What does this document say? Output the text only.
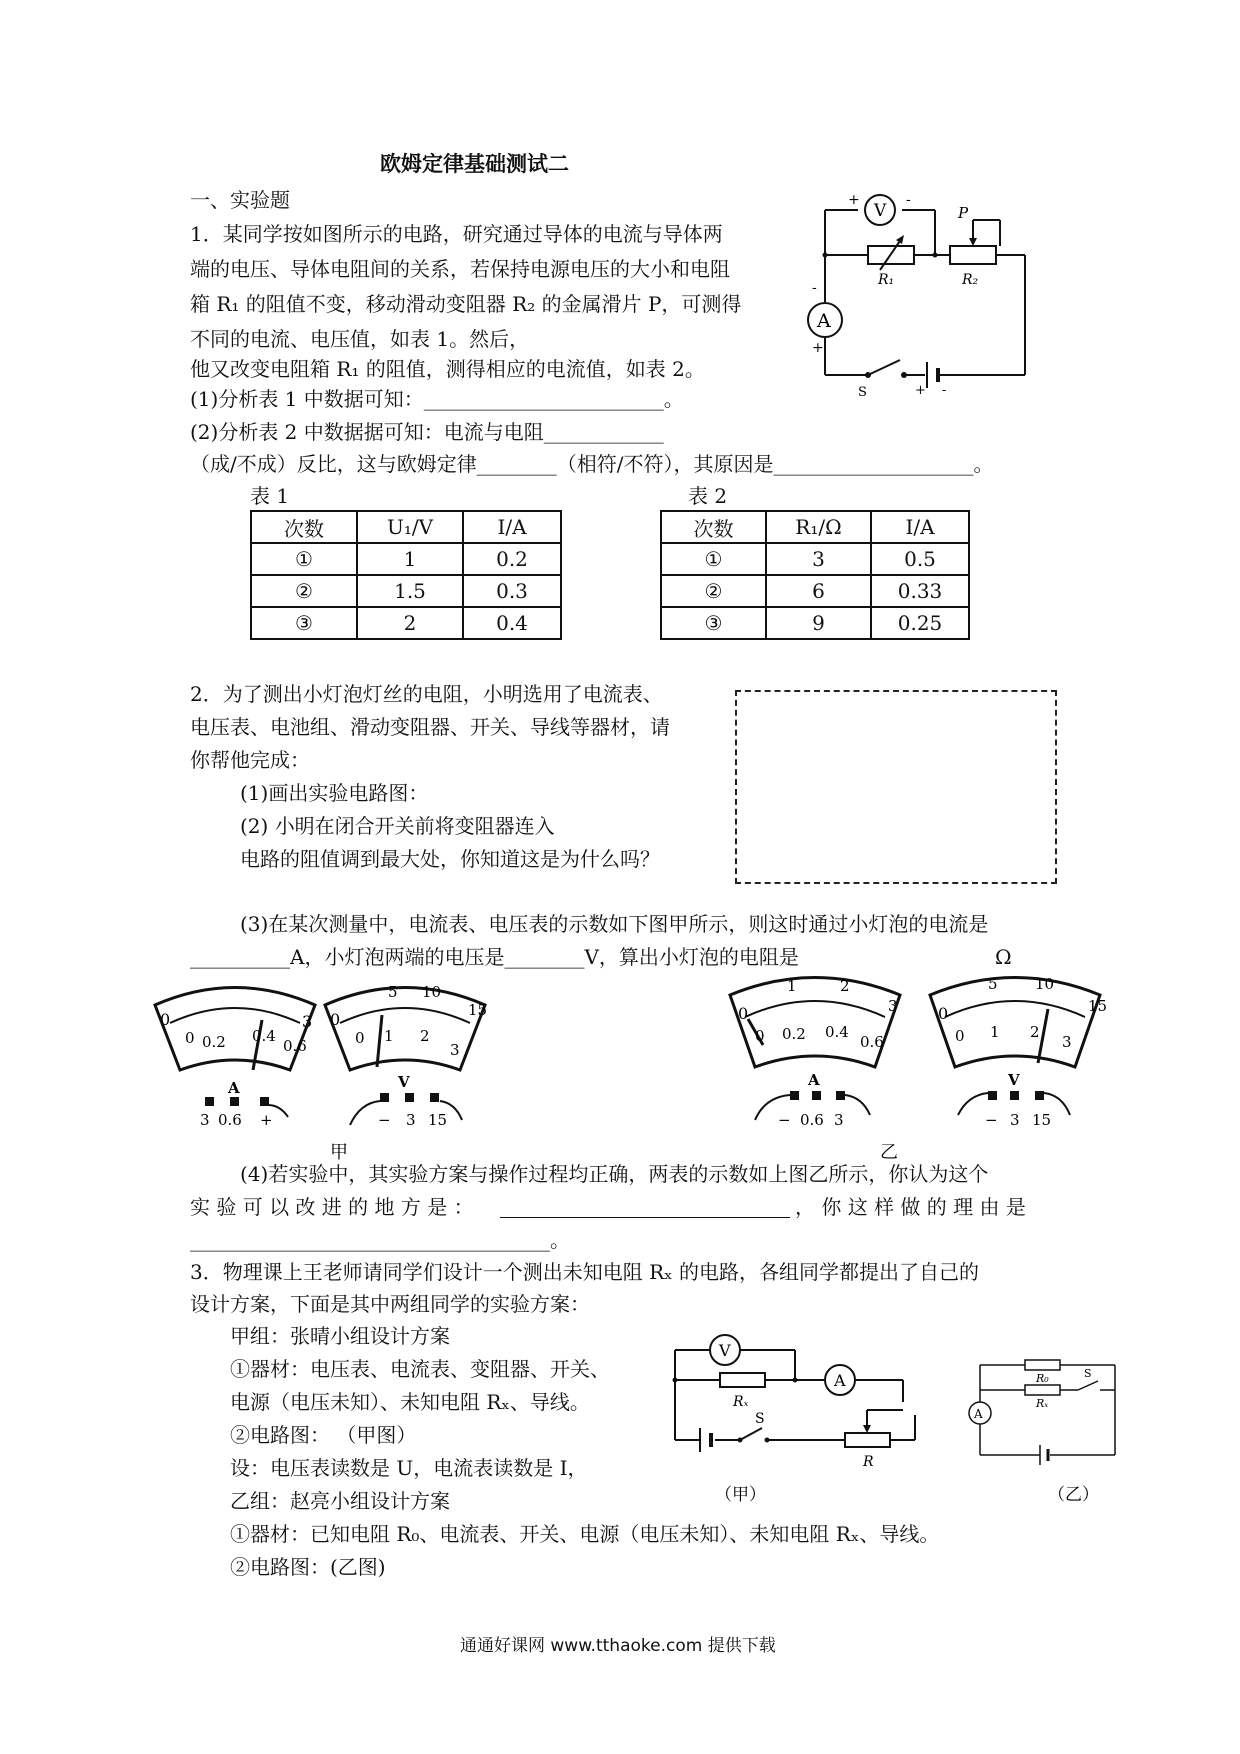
欧姆定律基础测试二
一、实验题
1．某同学按如图所示的电路，研究通过导体的电流与导体两
端的电压、导体电阻间的关系，若保持电源电压的大小和电阻
箱 R₁ 的阻值不变，移动滑动变阻器 R₂ 的金属滑片 P，可测得
不同的电流、电压值，如表 1。然后，
他又改变电阻箱 R₁ 的阻值，测得相应的电流值，如表 2。
(1)分析表 1 中数据可知：________________________。
(2)分析表 2 中数据据可知：电流与电阻____________
（成/不成）反比，这与欧姆定律________（相符/不符），其原因是____________________。
V
A
+	-
-
+
R₁	R₂
P
S	+ -
表 1	表 2
次数	U₁/V	I/A
①	1	0.2
②	1.5	0.3
③	2	0.4
次数	R₁/Ω	I/A
①	3	0.5
②	6	0.33
③	9	0.25
2．为了测出小灯泡灯丝的电阻，小明选用了电流表、
电压表、电池组、滑动变阻器、开关、导线等器材，请
你帮他完成：
(1)画出实验电路图：
(2) 小明在闭合开关前将变阻器连入
电路的阻值调到最大处，你知道这是为什么吗？
(3)在某次测量中，电流表、电压表的示数如下图甲所示，则这时通过小灯泡的电流是
__________A，小灯泡两端的电压是________V，算出小灯泡的电阻是	Ω
0
0 0.2 0.4
0.6
3
A
3 0.6 +
0
5 10
15
0 1 2
3
V
− 3 15
甲
0
1	2
3
0 0.2 0.4
0.6
A
− 0.6 3
0
5 10
15
0 1 2
3
V
− 3 15
乙
(4)若实验中，其实验方案与操作过程均正确，两表的示数如上图乙所示，你认为这个
实 验 可 以 改 进 的 地 方 是 ：	， 你 这 样 做 的 理 由 是
____________________________________。
3．物理课上王老师请同学们设计一个测出未知电阻 Rₓ 的电路，各组同学都提出了自己的
设计方案，下面是其中两组同学的实验方案：
甲组：张晴小组设计方案
①器材：电压表、电流表、变阻器、开关、
电源（电压未知）、未知电阻 Rₓ、导线。
②电路图： （甲图）
设：电压表读数是 U，电流表读数是 I，
乙组：赵亮小组设计方案
①器材：已知电阻 R₀、电流表、开关、电源（电压未知）、未知电阻 Rₓ、导线。
②电路图：(乙图)
V
A
Rₓ
S
R
（甲）
A
R₀
Rₓ
S
（乙）
通通好课网 www.tthaoke.com 提供下载
